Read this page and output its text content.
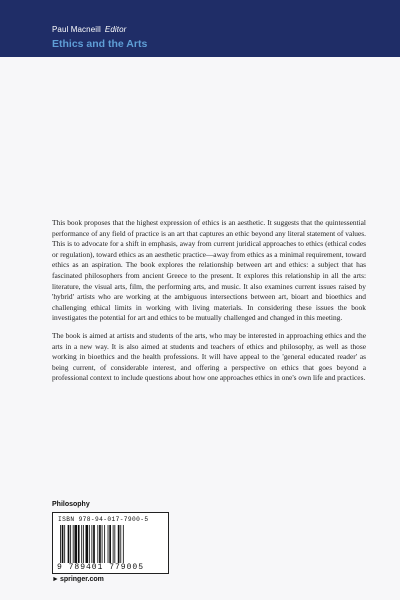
Paul Macneill Editor
Ethics and the Arts

This book proposes that the highest expression of ethics is an aesthetic. It suggests that the quintessential performance of any field of practice is an art that captures an ethic beyond any literal statement of values. This is to advocate for a shift in emphasis, away from current juridical approaches to ethics (ethical codes or regulation), toward ethics as an aesthetic practice—away from ethics as a minimal requirement, toward ethics as an aspiration. The book explores the relationship between art and ethics: a subject that has fascinated philosophers from ancient Greece to the present. It explores this relationship in all the arts: literature, the visual arts, film, the performing arts, and music. It also examines current issues raised by 'hybrid' artists who are working at the ambiguous intersections between art, bioart and bioethics and challenging ethical limits in working with living materials. In considering these issues the book investigates the potential for art and ethics to be mutually challenged and changed in this meeting.

The book is aimed at artists and students of the arts, who may be interested in approaching ethics and the arts in a new way. It is also aimed at students and teachers of ethics and philosophy, as well as those working in bioethics and the health professions. It will have appeal to the 'general educated reader' as being current, of considerable interest, and offering a perspective on ethics that goes beyond a professional context to include questions about how one approaches ethics in one's own life and practices.

Philosophy
ISBN 978-94-017-7900-5
9 789401 779005
►springer.com
